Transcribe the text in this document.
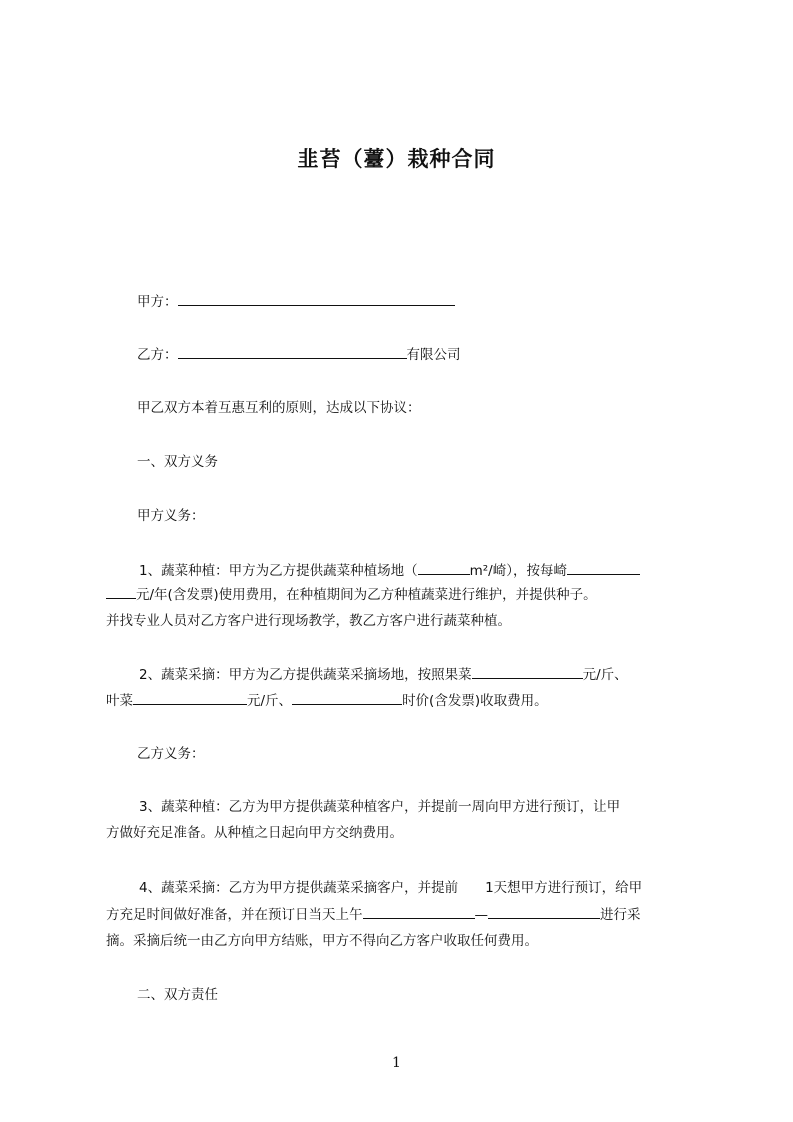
韭苔（薹）栽种合同
甲方：
乙方：	有限公司
甲乙双方本着互惠互利的原则，达成以下协议：
一、双方义务
甲方义务：
1、蔬菜种植：甲方为乙方提供蔬菜种植场地（	m²/崎），按每崎
元/年(含发票)使用费用，在种植期间为乙方种植蔬菜进行维护，并提供种子。
并找专业人员对乙方客户进行现场教学，教乙方客户进行蔬菜种植。
2、蔬菜采摘：甲方为乙方提供蔬菜采摘场地，按照果菜	元/斤、
叶菜	元/斤、	时价(含发票)收取费用。
乙方义务：
3、蔬菜种植：乙方为甲方提供蔬菜种植客户，并提前一周向甲方进行预订，让甲
方做好充足准备。从种植之日起向甲方交纳费用。
4、蔬菜采摘：乙方为甲方提供蔬菜采摘客户，并提前　　1天想甲方进行预订，给甲
方充足时间做好准备，并在预订日当天上午	—	进行采
摘。采摘后统一由乙方向甲方结账，甲方不得向乙方客户收取任何费用。
二、双方责任
1
